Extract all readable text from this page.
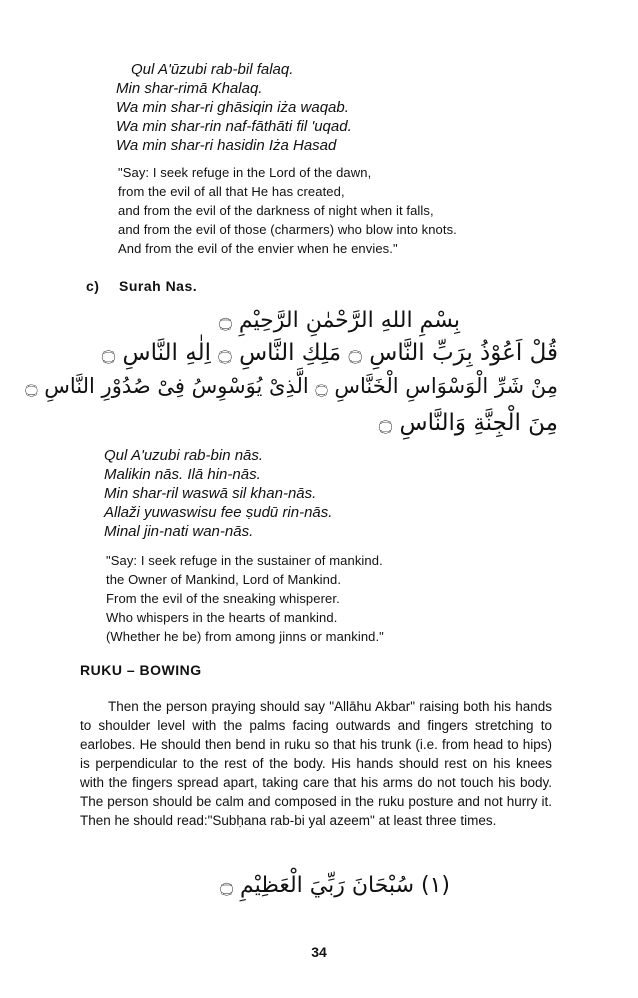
Qul A'ūzubi rab-bil falaq.
Min shar-rimā Khalaq.
Wa min shar-ri ghāsiqin iża waqab.
Wa min shar-rin naf-fāthāti fil 'uqad.
Wa min shar-ri hasidin Iża Hasad
"Say: I seek refuge in the Lord of the dawn,
from the evil of all that He has created,
and from the evil of the darkness of night when it falls,
and from the evil of those (charmers) who blow into knots.
And from the evil of the envier when he envies."
c) Surah Nas.
بِسْمِ اللهِ الرَّحْمٰنِ الرَّحِيْمِ ۝
قُلْ اَعُوْذُ بِرَبِّ النَّاسِ ۝ مَلِكِ النَّاسِ ۝ اِلٰهِ النَّاسِ ۝
مِنْ شَرِّ الْوَسْوَاسِ الْخَنَّاسِ ۝ الَّذِىْ يُوَسْوِسُ فِىْ صُدُوْرِ النَّاسِ ۝
مِنَ الْجِنَّةِ وَالنَّاسِ ۝
Qul A'uzubi rab-bin nās.
Malikin nās. Ilā hin-nās.
Min shar-ril waswā sil khan-nās.
Allaži yuwaswisu fee ṣudū rin-nās.
Minal jin-nati wan-nās.
"Say: I seek refuge in the sustainer of mankind.
the Owner of Mankind, Lord of Mankind.
From the evil of the sneaking whisperer.
Who whispers in the hearts of mankind.
(Whether he be) from among jinns or mankind."
RUKU – BOWING
Then the person praying should say "Allāhu Akbar" raising both his hands to shoulder level with the palms facing outwards and fingers stretching to earlobes. He should then bend in ruku so that his trunk (i.e. from head to hips) is perpendicular to the rest of the body. His hands should rest on his knees with the fingers spread apart, taking care that his arms do not touch his body. The person should be calm and composed in the ruku posture and not hurry it. Then he should read:"Subḥana rab-bi yal azeem" at least three times.
(۱) سُبْحَانَ رَبِّيَ الْعَظِيْمِ ۝
34
